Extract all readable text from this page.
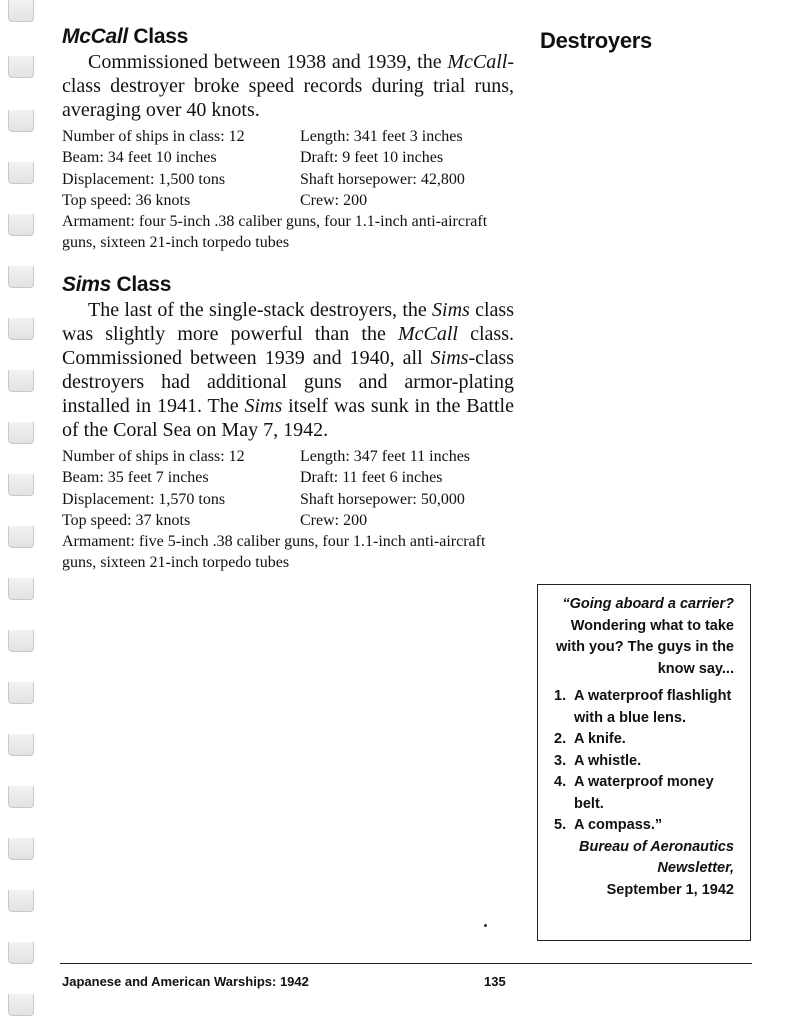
Destroyers
McCall Class

Commissioned between 1938 and 1939, the McCall-class destroyer broke speed records during trial runs, averaging over 40 knots.

Number of ships in class: 12	Length: 341 feet 3 inches
Beam: 34 feet 10 inches	Draft: 9 feet 10 inches
Displacement: 1,500 tons	Shaft horsepower: 42,800
Top speed: 36 knots	Crew: 200
Armament: four 5-inch .38 caliber guns, four 1.1-inch anti-aircraft guns, sixteen 21-inch torpedo tubes
Sims Class

The last of the single-stack destroyers, the Sims class was slightly more powerful than the McCall class. Commissioned between 1939 and 1940, all Sims-class destroyers had additional guns and armor-plating installed in 1941. The Sims itself was sunk in the Battle of the Coral Sea on May 7, 1942.

Number of ships in class: 12	Length: 347 feet 11 inches
Beam: 35 feet 7 inches	Draft: 11 feet 6 inches
Displacement: 1,570 tons	Shaft horsepower: 50,000
Top speed: 37 knots	Crew: 200
Armament: five 5-inch .38 caliber guns, four 1.1-inch anti-aircraft guns, sixteen 21-inch torpedo tubes
“Going aboard a carrier? Wondering what to take with you? The guys in the know say...
1. A waterproof flashlight with a blue lens.
2. A knife.
3. A whistle.
4. A waterproof money belt.
5. A compass.”
Bureau of Aeronautics Newsletter,
September 1, 1942
Japanese and American Warships: 1942	135
